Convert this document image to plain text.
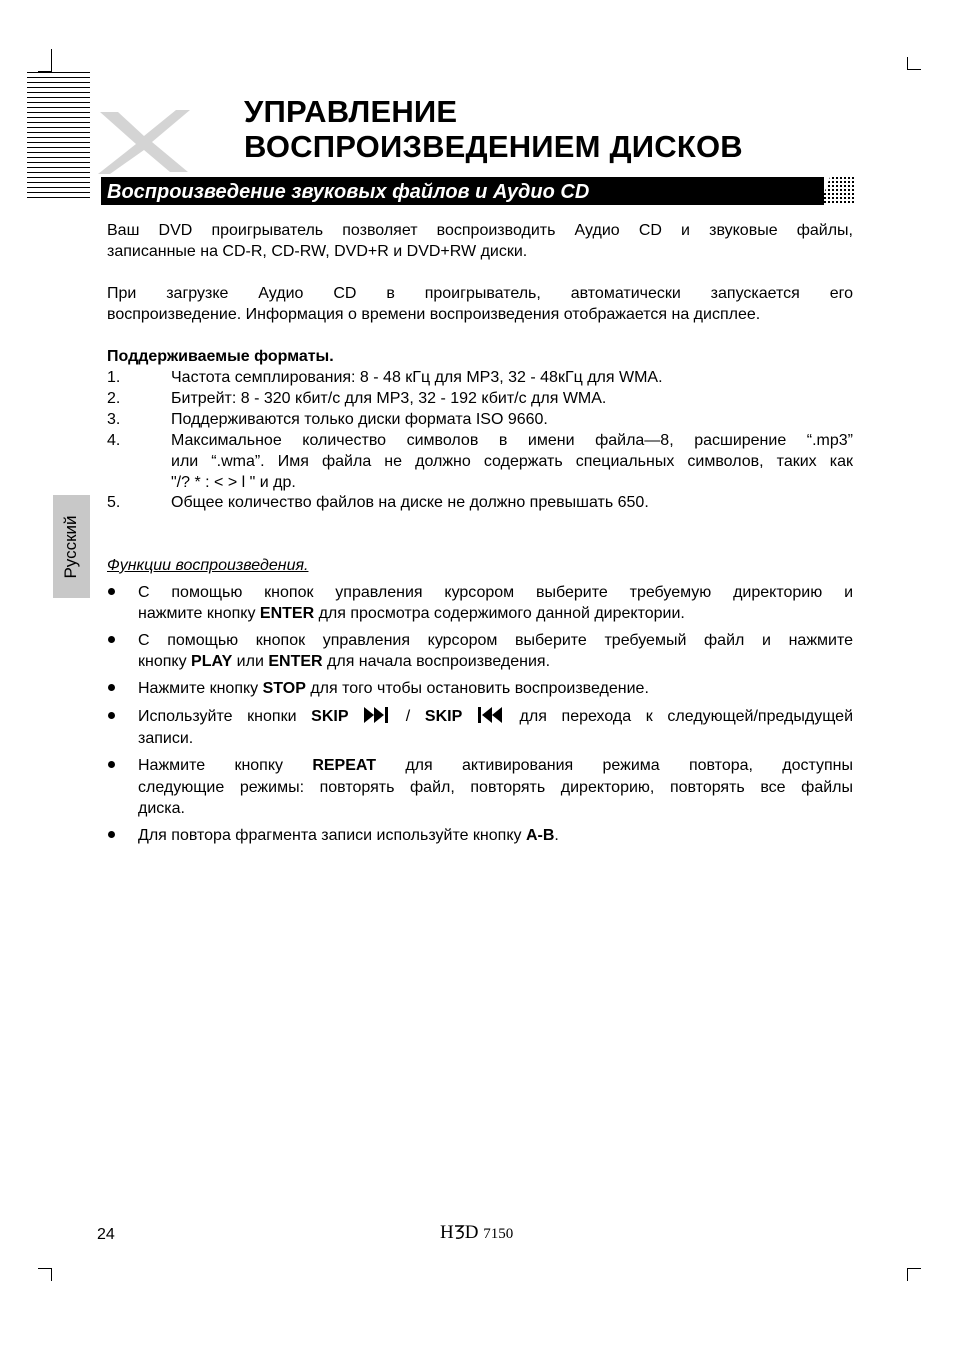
УПРАВЛЕНИЕ
ВОСПРОИЗВЕДЕНИЕМ ДИСКОВ
Воспроизведение звуковых файлов и Аудио CD
Ваш DVD проигрыватель позволяет воспроизводить Аудио CD и звуковые файлы,
записанные на CD-R, CD-RW, DVD+R и DVD+RW диски.
При загрузке Аудио CD в проигрыватель, автоматически запускается его
воспроизведение. Информация о времени воспроизведения отображается на дисплее.
Поддерживаемые форматы.
1.	Частота семплирования: 8 - 48 кГц для MP3, 32 - 48кГц для WMA.
2.	Битрейт: 8 - 320 кбит/с для MP3, 32 - 192 кбит/с для WMA.
3.	Поддерживаются только диски формата ISO 9660.
4.	Максимальное количество символов в имени файла—8, расширение “.mp3”
или “.wma”. Имя файла не должно содержать специальных символов, таких как
"/? * : < > l " и др.
5.	Общее количество файлов на диске не должно превышать 650.
Русский Функции воспроизведения.
С помощью кнопок управления курсором выберите требуемую директорию и
нажмите кнопку ENTER для просмотра содержимого данной директории.
С помощью кнопок управления курсором выберите требуемый файл и нажмите
кнопку PLAY или ENTER для начала воспроизведения.
Нажмите кнопку STOP для того чтобы остановить воспроизведение.
Используйте кнопки SKIP	/ SKIP	для перехода к следующей/предыдущей
записи.
Нажмите кнопку REPEAT для активирования режима повтора, доступны
следующие режимы: повторять файл, повторять директорию, повторять все файлы
диска.
Для повтора фрагмента записи используйте кнопку A-B.
24	H D 7150
